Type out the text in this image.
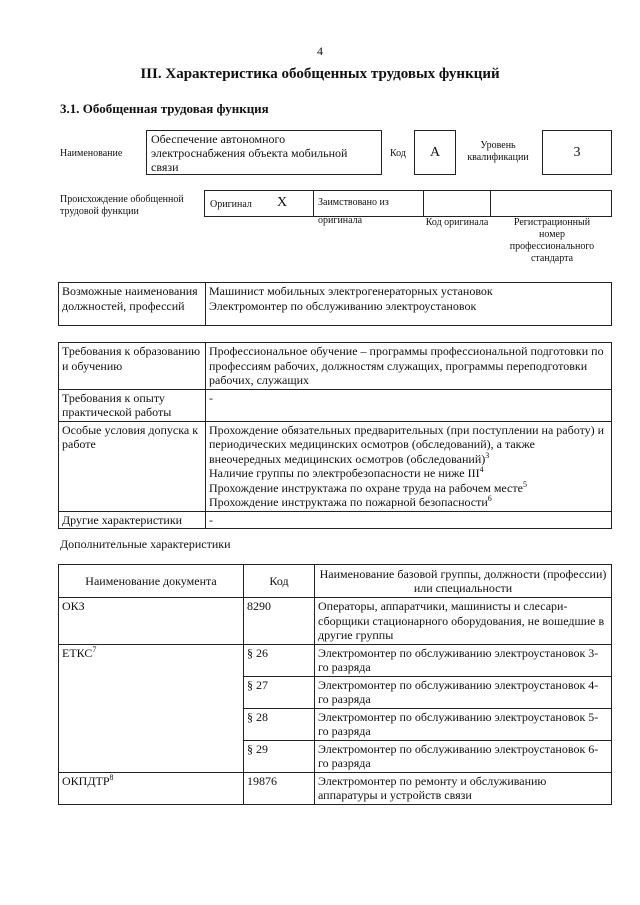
4
III. Характеристика обобщенных трудовых функций
3.1. Обобщенная трудовая функция
Наименование
Обеспечение автономного электроснабжения объекта мобильной связи
Код А	Уровень квалификации	3
Происхождение обобщенной трудовой функции
Оригинал Х	Заимствовано из оригинала	Код оригинала	Регистрационный номер профессионального стандарта
Возможные наименования должностей, профессий	
Машинист мобильных электрогенераторных установок
Электромонтер по обслуживанию электроустановок
Требования к образованию и обучению	Профессиональное обучение – программы профессиональной подготовки по профессиям рабочих, должностям служащих, программы переподготовки рабочих, служащих
Требования к опыту практической работы	-
Особые условия допуска к работе	Прохождение обязательных предварительных (при поступлении на работу) и периодических медицинских осмотров (обследований), а также внеочередных медицинских осмотров (обследований)$^3$
Наличие группы по электробезопасности не ниже III$^4$
Прохождение инструктажа по охране труда на рабочем месте$^5$
Прохождение инструктажа по пожарной безопасности$^6$

Другие характеристики	-
Дополнительные характеристики
Наименование документа	Код	Наименование базовой группы, должности (профессии) или специальности
ОКЗ	8290	Операторы, аппаратчики, машинисты и слесари-сборщики стационарного оборудования, не вошедшие в другие группы
ЕТКС$^7$	§ 26	Электромонтер по обслуживанию электроустановок 3-го разряда
	§ 27	Электромонтер по обслуживанию электроустановок 4-го разряда
	§ 28	Электромонтер по обслуживанию электроустановок 5-го разряда
	§ 29	Электромонтер по обслуживанию электроустановок 6-го разряда
ОКПДТР$^8$	19876	Электромонтер по ремонту и обслуживанию аппаратуры и устройств связи
